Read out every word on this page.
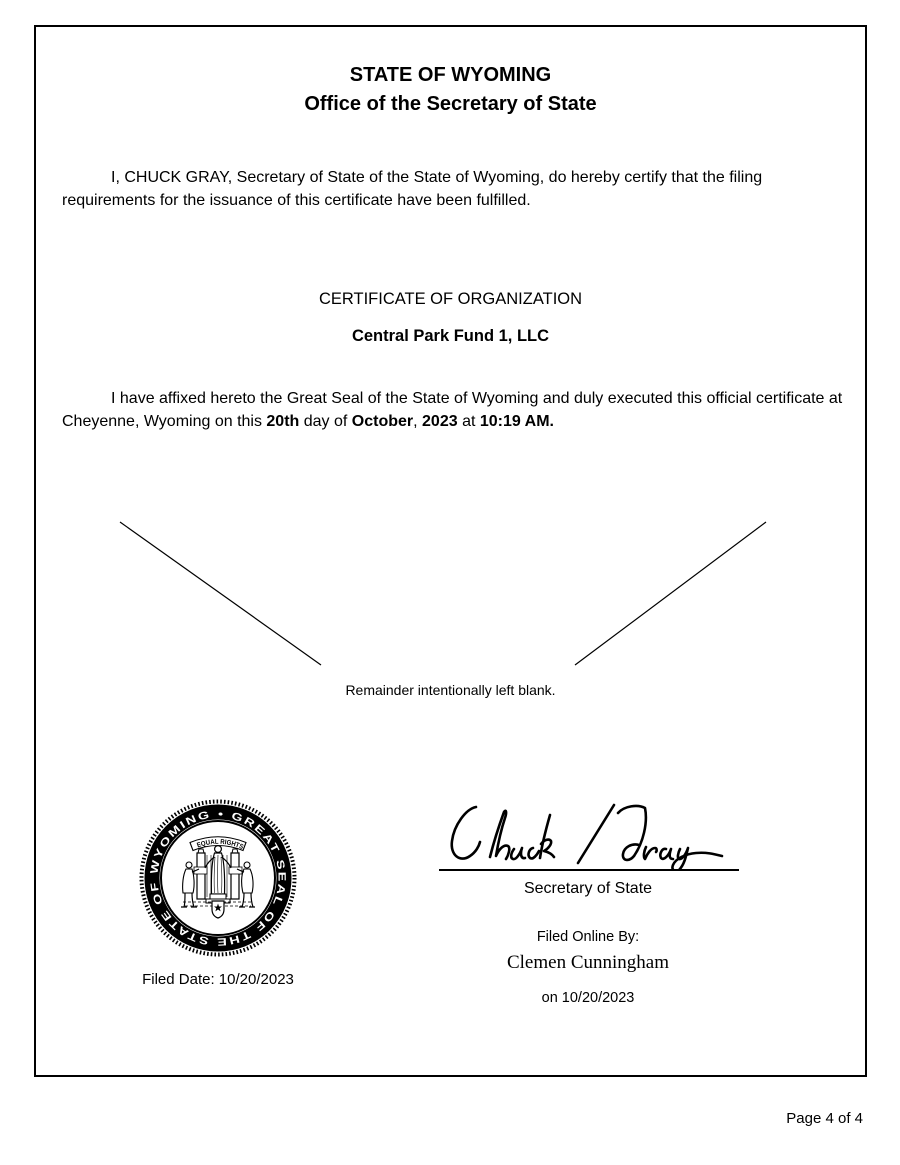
STATE OF WYOMING
Office of the Secretary of State

I, CHUCK GRAY, Secretary of State of the State of Wyoming, do hereby certify that the filing requirements for the issuance of this certificate have been fulfilled.

CERTIFICATE OF ORGANIZATION

Central Park Fund 1, LLC

I have affixed hereto the Great Seal of the State of Wyoming and duly executed this official certificate at Cheyenne, Wyoming on this 20th day of October, 2023 at 10:19 AM.

Remainder intentionally left blank.

• GREAT SEAL OF THE STATE OF WYOMING
EQUAL RIGHTS

Filed Date: 10/20/2023

Secretary of State

Filed Online By:

Clemen Cunningham

on 10/20/2023

Page 4 of 4
